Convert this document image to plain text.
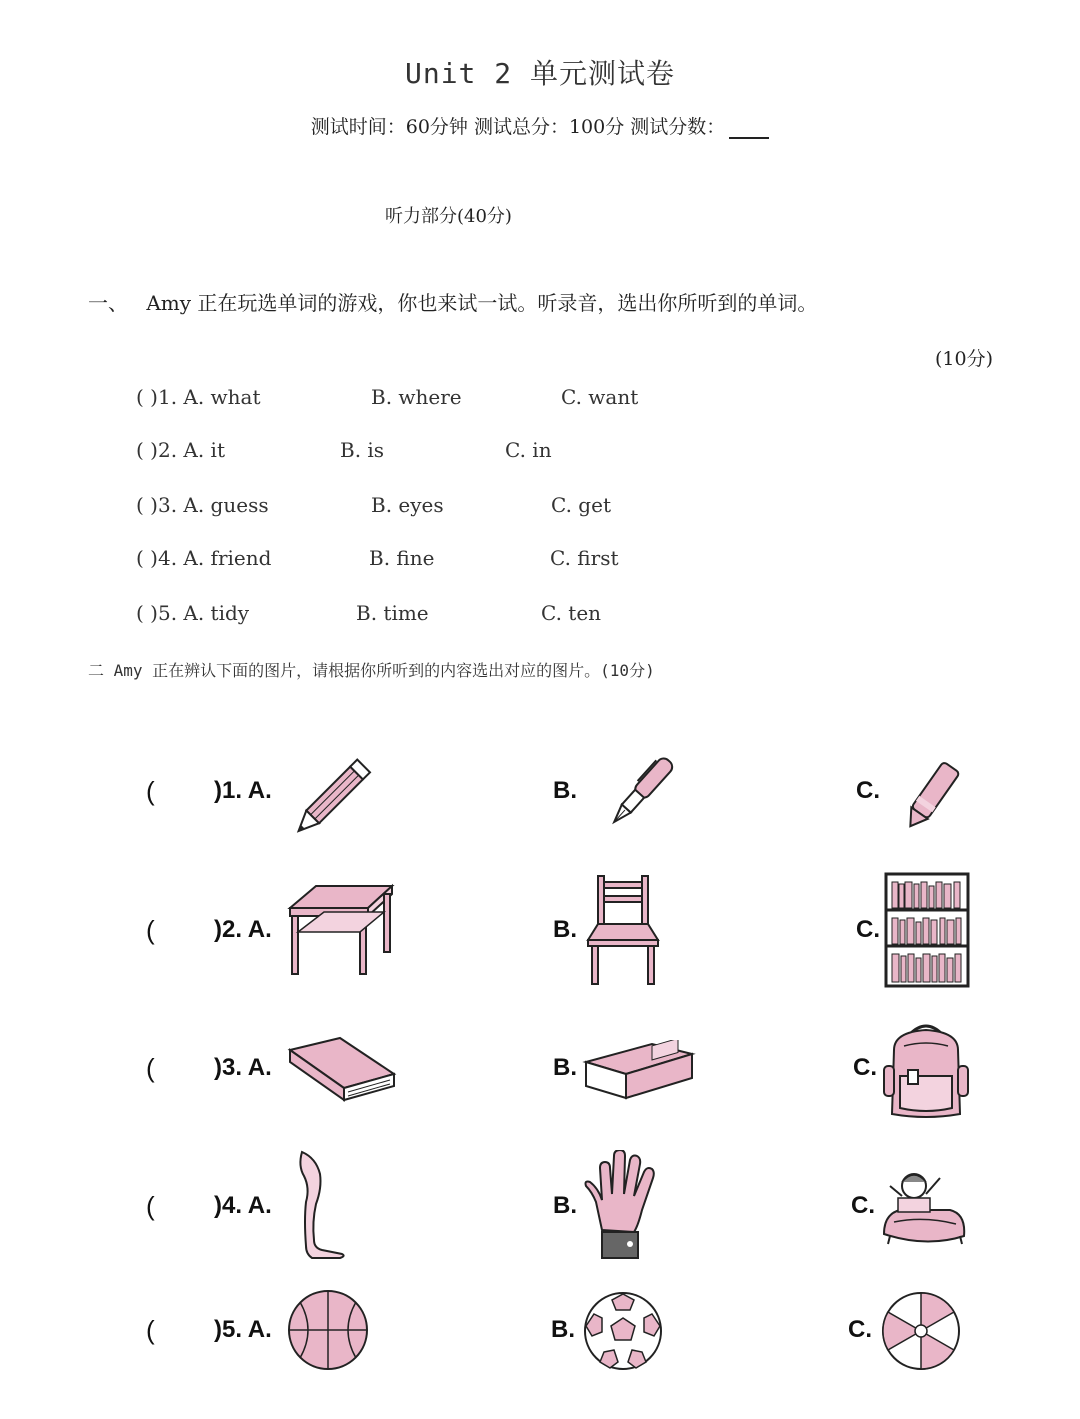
Unit 2 单元测试卷
测试时间：60分钟 测试总分：100分 测试分数：
听力部分(40分)
一、 Amy 正在玩选单词的游戏，你也来试一试。听录音，选出你所听到的单词。
(10分)
( )1. A. what	B. where	C. want
( )2. A. it	B. is	C. in
( )3. A. guess	B. eyes	C. get
( )4. A. friend	B. fine	C. first
( )5. A. tidy	B. time	C. ten
二 Amy 正在辨认下面的图片，请根据你所听到的内容选出对应的图片。(10分)
( )1. A.	B.	C.
( )2. A.	B.	C.
( )3. A.	B.	C.
( )4. A.	B.	C.
( )5. A.	B.	C.
